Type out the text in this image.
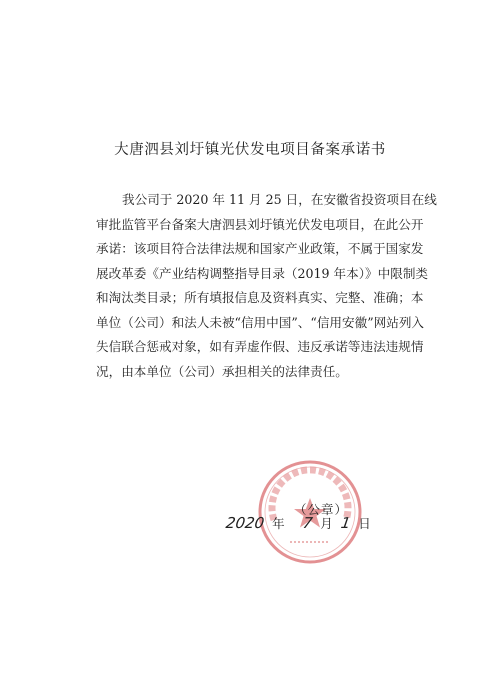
大唐泗县刘圩镇光伏发电项目备案承诺书
我公司于 2020 年 11 月 25 日，在安徽省投资项目在线
审批监管平台备案大唐泗县刘圩镇光伏发电项目，在此公开
承诺：该项目符合法律法规和国家产业政策，不属于国家发
展改革委《产业结构调整指导目录（2019 年本）》中限制类
和淘汰类目录；所有填报信息及资料真实、完整、准确；本
单位（公司）和法人未被“信用中国”、“信用安徽”网站列入
失信联合惩戒对象，如有弄虚作假、违反承诺等违法违规情
况，由本单位（公司）承担相关的法律责任。
（公章）
2020 年 7 月 1 日
